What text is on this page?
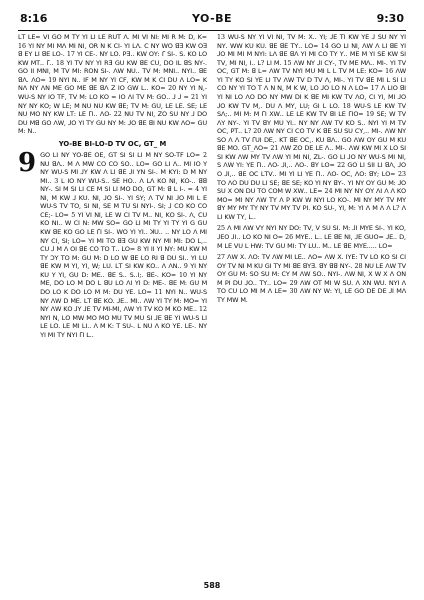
8:16	YO-BE	9:30

ꓡꓔ ꓡꓰ= ꓦꓲ ꓖꓳ ꓟ ꓔꓬ ꓬꓲ ꓡꓲ ꓡꓰ ꓣꓴꓔ ꓥ. ꓟꓲ ꓦꓲ ꓠꓲ: ꓟꓲ ꓣ ꓟ: ꓓ, ꓗ= 16 ꓬꓲ ꓠꓬ ꓟꓲ ꓟꓥ ꓟꓲ ꓠꓲ, ꓳꓣ ꓠ ꓗ ꓚꓲ- ꓬꓲ ꓡꓥ. ꓚ ꓠꓬ ꓪꓳ ꓭꓱ ꓗꓪ ꓳꓱ ꓭ ꓰꓬ ꓡꓲ ꓭꓰ ꓡꓳ-. 17 ꓬꓲ ꓚꓰ-. ꓠꓬ ꓡꓳ. ꓑꓱ.. ꓗꓪ ꓳꓬ: ꓩ ꓢꓲ-. ꓢ. ꓗꓳ ꓡꓳ ꓗꓪ ꓟꓔ.. ꓩ.. 18 ꓬꓲ ꓔꓦ ꓠꓬ ꓬꓲ ꓣꓱ ꓖꓴ ꓗꓪ ꓭꓰ ꓚꓴ, ꓓꓳ ꓲꓡ ꓭꓢ ꓠꓬ-. ꓖꓳ ꓲꓲ ꓟꓠꓲ, ꓟ ꓔꓦ ꓟꓲ: ꓣꓳꓠ ꓢꓲ-. ꓥꓪ ꓠꓴ.. ꓔꓦ ꓟ: ꓟꓠꓲ.. ꓠꓬꓲ.. ꓭꓰ ꓭꓥ. ꓥꓳ= 19 ꓠꓬꓲ ꓠ.. ꓲꓝ ꓟ ꓠꓬ ꓬꓲ ꓚꓝ, ꓗꓪ ꓟ ꓗ ꓚꓲ ꓓꓴ ꓥ ꓡꓳ= ꓗ ꓠꓥ ꓠꓬ ꓥꓠ ꓟꓰ ꓖꓳ ꓟꓰ ꓭꓰ ꓭꓥ ꓜ ꓲꓳ ꓖꓪ ꓡ.. ꓗꓳ= 20 ꓠꓬ ꓬꓲ ꓠ,- ꓪꓴ-ꓢ ꓠꓬ ꓲꓳ ꓔꓝ, ꓔꓦ ꓟ: ꓡꓳ ꓗꓳ = ꓲꓳ ꓥꓲ ꓔꓦ ꓟ: ꓖꓳ.. ꓙ ꓙ = 21 ꓬꓲ ꓠꓬ ꓠꓬ ꓗꓳ; ꓪ ꓡꓰ; ꓟ ꓠꓴ ꓠꓴ ꓗꓪ ꓭꓰ; ꓔꓦ ꓟ: ꓖꓴ, ꓡꓰ ꓡꓰ. ꓢꓰ; ꓡꓰ ꓠꓴ ꓟꓳ ꓠꓬ ꓗꓪ ꓡꓔ: ꓡꓰ ꓩꓲ.. ꓥꓳ- 22 ꓠꓴ ꓔꓦ ꓠꓲ, ꓜꓳ ꓢꓴ ꓠꓬ ꓙ ꓓꓳ ꓓꓴ ꓟꓭ ꓖꓳ ꓥꓪ, ꓙꓳ ꓬꓲ ꓔꓬ ꓖꓴ ꓠꓬ ꓟ: ꓙꓳ ꓭꓰ ꓭꓲ ꓠꓴ ꓗꓪ ꓥꓳ= ꓖꓴ ꓟ: ꓠ..

YO-BE BI-LO-D TV ꓳꓚ, GT_ M
9 ꓖꓳ ꓡꓲ ꓠꓬ ꓬꓳ-ꓭꓰ ꓳꓰ, ꓖꓔ ꓢꓲ ꓢꓲ ꓡꓲ ꓟ ꓠꓬ ꓢꓳ-ꓔꓝ ꓡꓳ= 2 ꓠꓴ ꓭꓥ.. ꓟ ꓥ ꓟꓪ ꓚꓳ ꓚꓳ ꓢꓳ.. ꓡꓳ= ꓖꓳ ꓡꓲ ꓥ.. ꓟꓲ ꓲꓳ ꓬ ꓠꓬ ꓪꓴ-ꓢ ꓟꓲ ꓙꓬ ꓗꓪ ꓥ ꓡꓲ ꓭꓰ ꓙꓲ ꓬꓠ ꓢꓲ-. ꓟ ꓗꓬꓲ: ꓓ ꓟ ꓠꓬ ꓟꓲ.. 3 ꓡ ꓲꓳ ꓠꓬ ꓪꓴ-ꓢ.. ꓢꓰ ꓧꓳ.. ꓥ ꓡꓥ ꓗꓳ ꓠꓲ, ꓗꓳ-.. ꓭꓭ ꓠꓬ-. ꓢꓲ ꓟ ꓢꓲ ꓡꓲ ꓚꓰ ꓟ ꓢꓲ ꓡꓲ ꓟꓳ ꓓꓳ, ꓖꓔ ꓟ: ꓭ ꓡ ꓲ-. = 4 ꓬꓲ ꓠꓲ, ꓟ ꓗꓪ ꓙ ꓗꓴ. ꓠꓲ, ꓙꓳ ꓢꓲ-. ꓬꓲ ꓢꓬ; ꓥ ꓔꓦ ꓠꓲ ꓙꓳ ꓟꓲ ꓡ ꓰ ꓪꓴ-ꓢ ꓔꓦ ꓔꓳ, ꓢꓲ ꓠꓲ, ꓢꓰ ꓟ ꓔꓴ ꓢꓲ ꓠꓬꓲ-. ꓢꓲ; ꓙ ꓚꓳ ꓗꓳ ꓚꓳ ꓚꓰ;- ꓡꓳ= 5 ꓬꓲ ꓦꓲ ꓠꓲ, ꓡꓰ ꓪ ꓚꓲ ꓔꓦ ꓟ.. ꓠꓲ, ꓗꓳ ꓢꓲ-. ꓥ, ꓚꓴ ꓗꓳ ꓠꓲ.. ꓪ ꓚꓲ ꓠ: ꓟꓪ ꓢꓳ= ꓖꓳ ꓡꓲ ꓟꓲ ꓔꓬ ꓬꓲ ꓔꓬ ꓬꓲ ꓖ ꓖꓴ ꓗꓪ ꓭꓰ ꓗꓳ ꓖꓳ ꓡꓰ ꓩꓲ ꓢꓲ-. ꓪꓳ ꓬꓲ ꓬꓲ.. ꓘꓴ.. .. ꓠꓬ ꓡꓳ ꓥ ꓟꓲ ꓠꓬ ꓚꓲ, ꓢꓲ; ꓡꓳ= ꓬꓲ ꓟꓲ ꓔꓳ ꓭꓱ ꓖꓴ ꓗꓪ ꓠꓬ ꓟꓲ ꓟꓲ: ꓓꓳ ꓡ,.. ꓚꓴ ꓙ ꓟ ꓥ ꓳꓲ ꓭꓰ ꓚꓳ ꓔꓳ ꓔ.. ꓡꓳ= 8 ꓬꓲ ꓲꓲ ꓬꓲ ꓠꓬ: ꓟꓴ ꓗꓪ ꓟ ꓔꓬ ꓛꓬ ꓔꓳ ꓟ: ꓖꓴ ꓟ: ꓓ ꓡꓳ ꓪ ꓭꓰ ꓡꓳ ꓣꓲ ꓭ ꓓꓴ ꓢꓲ.. ꓬꓲ ꓡꓴ ꓭꓰ ꓗꓪ ꓟ ꓬꓲ, ꓬꓲ, ꓪ; ꓡꓴ. ꓡꓔ ꓢꓲ ꓗꓪ ꓗꓳ.. ꓥ ꓥꓠ.. 9 ꓬꓲ ꓠꓬ ꓗꓴ ꓬ ꓬꓲ, ꓖꓴ ꓓ: ꓟꓰ.. ꓭꓰ ꓢ.. ꓢ..ꓲ;. ꓭꓰ-. ꓗꓳ= 10 ꓬꓲ ꓠꓬ ꓟꓰ, ꓓꓳ ꓡꓳ ꓟ ꓓꓳ ꓡ ꓭꓴ ꓡꓳ ꓥꓲ ꓬꓲ ꓓ: ꓟꓰ-. ꓭꓰ ꓟ: ꓖꓴ ꓟ ꓓꓳ ꓡꓳ ꓗ ꓓꓳ ꓡꓳ ꓟ ꓟ: ꓓꓴ ꓬꓰ. ꓡꓳ= 11 ꓠꓬꓲ ꓠ.. ꓪꓴ-ꓢ ꓠꓬ ꓥꓪ ꓓ ꓟꓰ. ꓡꓔ ꓭꓰ ꓗꓳ. ꓙꓰ.. ꓟꓲ.. ꓥꓪ ꓬꓲ ꓔꓬ ꓟ: ꓟꓳ= ꓬꓲ ꓠꓬ ꓥꓪ ꓗꓳ ꓙꓬ ꓙꓰ ꓔꓦ ꓟꓲ-ꓟꓲ, ꓥꓪ ꓬꓲ ꓔꓦ ꓗꓳ ꓟ ꓗꓳ ꓟꓰ.. 12 ꓠꓬꓲ ꓠ, ꓡꓳ ꓟꓪ ꓟꓳ ꓟꓳ ꓟꓴ ꓔꓦ ꓟꓴ ꓢꓲ ꓙꓰ ꓭꓰ ꓬꓲ ꓪꓴ-ꓢ ꓡꓲ ꓡꓰ ꓡꓳ. ꓡꓰ ꓟꓲ ꓡꓲ.. ꓥ ꓟ ꓗ: ꓔ ꓢꓴ-. ꓡ ꓠꓴ ꓥ ꓗꓳ ꓬꓰ. ꓡꓰ-. ꓠꓬ ꓬꓲ ꓟꓲ ꓔꓬ ꓠꓬꓲ ꓩꓲ ꓡ..

13 ꓪꓴ-ꓢ ꓠꓬ ꓬꓲ ꓦꓲ ꓠꓲ, ꓔꓦ ꓟ: ꓫ.. ꓬꓲ; ꓙꓰ ꓔꓲ ꓗꓪ ꓬꓰ ꓙ ꓢꓴ ꓠꓬ ꓬꓲ ꓠꓬ. ꓪꓪ ꓗꓴ ꓗꓴ. ꓭꓰ ꓭꓰ ꓔꓬ.. ꓡꓳ= 14 ꓖꓳ ꓡꓲ ꓠꓲ, ꓥꓪ ꓥ ꓡꓲ ꓭꓰ ꓬꓲ ꓙꓳ ꓟꓲ ꓟꓲ ꓟ ꓠꓬꓲ: ꓡꓥ ꓭꓰ ꓭꓥ ꓬꓲ ꓟꓲ ꓚꓳ ꓔꓬ ꓬ.. ꓟꓰ ꓟ ꓬꓲ ꓢꓰ ꓗꓪ ꓢꓲ ꓔꓦ, ꓟꓲ ꓠꓲ, ꓲ.. ꓡ? ꓡꓲ ꓟ. 15 ꓥꓪ ꓠꓬ ꓙꓲ ꓚꓬ-, ꓔꓦ ꓟꓰ ꓟꓥ.. ꓟꓲ-. ꓬꓲ ꓔꓦ ꓳꓚ, ꓖꓔ ꓟ: ꓭ ꓡ= ꓥꓪ ꓔꓦ ꓠꓬꓲ ꓟꓴ ꓟꓲ ꓡ ꓡ ꓔꓦ ꓟ ꓡꓰ: ꓗꓳ= 16 ꓥꓪ ꓬꓲ ꓔꓬ ꓗꓳ ꓢꓲ ꓬꓰ ꓡꓲ ꓔꓦ ꓥꓪ ꓔꓦ ꓓ ꓔꓦ ꓥ, ꓟꓲ-. ꓬꓲ ꓔꓦ ꓭꓰ ꓟꓲ ꓡ ꓢꓲ ꓡꓲ ꓚꓳ ꓠꓬ ꓬꓲ ꓔꓳ ꓔ ꓥ ꓠ ꓠ, ꓟ ꓗ ꓪ, ꓡꓳ ꓙꓳ ꓡꓳ ꓠ ꓥ ꓡꓳ= 17 ꓥ ꓡꓲꓳ ꓭꓲ ꓬꓲ ꓠꓲ ꓡꓳ ꓥꓳ ꓓꓳ ꓠꓬ ꓟꓪ ꓓꓲ ꓗ ꓭꓰ ꓟꓲ ꓗꓪ ꓔꓦ ꓥꓳ, ꓚꓲ ꓬꓲ, ꓟꓲ ꓙꓳ ꓙꓳ ꓗꓪ ꓔꓦ ꓟ,. ꓓꓴ ꓥ ꓟꓬ, ꓡꓴ; ꓖꓲ ꓡ ꓡꓳ. 18 ꓪꓴ-ꓢ ꓡꓰ ꓗꓪ ꓔꓦ ꓢꓥ;.. ꓟꓲ ꓟ: ꓟ ꓩꓲ ꓫꓪ.. ꓡꓰ ꓡꓰ ꓗꓪ ꓔꓦ ꓭꓲ ꓡꓰ ꓩꓲꓳ= 19 ꓢꓰ; ꓪ ꓔꓦ ꓥꓬ ꓠꓬ-. ꓬꓲ ꓔꓦ ꓭꓬ ꓟꓴ ꓬꓲ.. ꓠꓬ ꓠꓬ ꓥꓪ ꓔꓦ ꓗꓳ ꓢ.. ꓠꓬꓲ ꓬꓲ ꓟ ꓔꓦ ꓳꓚ, ꓑꓔ.. ꓡ? 20 ꓥꓪ ꓠꓬ ꓚꓲ ꓚꓳ ꓔꓦ ꓗ ꓭꓰ ꓢꓴ ꓢꓴ ꓚꓬ,.. ꓟꓲ-. ꓥꓪ ꓠꓬ ꓢꓳ ꓥ ꓥ ꓔꓦ ꓩꓴꓲ ꓓꓰ,. ꓗꓔ ꓭꓰ ꓳꓚ,. ꓗꓴ ꓭꓥ.. ꓖꓳ ꓥꓪ ꓳꓬ ꓖꓴ ꓟ ꓗꓴ ꓭꓰ ꓟꓳ. ꓖꓔ_ꓥꓳ= 21 ꓥꓪ ꓜꓳ ꓓꓰ ꓡꓰ ꓥ.. ꓟꓲ-. ꓥꓪ ꓗꓪ ꓟꓲ ꓫ ꓡꓳ ꓢꓲ ꓢꓲ ꓗꓪ ꓥꓪ ꓟꓬ ꓔꓦ ꓥꓪ ꓬꓲ ꓟꓲ ꓠꓲ, ꓜꓡ-. ꓖꓳ ꓡꓲ ꓙꓳ ꓠꓬ ꓪꓴ-ꓢ ꓟꓲ ꓠꓲ, ꓢ ꓥꓪ ꓬꓲ: ꓬꓰ ꓩꓲ.. ꓥꓳ- ꓙꓲ,.. ꓥꓳ-. ꓭꓬ ꓡꓳ= 22 ꓖꓳ ꓡꓲ ꓢꓲꓲ ꓡꓲ ꓭꓥ, ꓙꓳ ꓳ ꓙꓲ,.. ꓭꓰ ꓳꓚ ꓡꓔꓦ.. ꓟꓲ ꓬꓲ ꓡꓲ ꓬꓰ ꓩꓲ.. ꓥꓳ- ꓳꓚ, ꓥꓳ: ꓭꓬ; ꓡꓳ= 23 ꓔꓳ ꓥꓳ ꓓꓴ ꓓꓴ ꓡꓲ ꓢꓰ; ꓭꓰ ꓢꓰ; ꓗꓳ ꓬꓲ ꓠꓬ ꓭꓬ-. ꓬꓲ ꓠꓬ ꓳꓬ ꓖꓴ ꓟ: ꓙꓳ ꓢꓴ ꓫ ꓳꓠ ꓓꓴ ꓔꓳ ꓚꓳꓟ ꓪ ꓫꓪ.. ꓡꓰ= 24 ꓟꓲ ꓠꓬ ꓠꓬ ꓳꓬ ꓥꓲ ꓥ ꓥ ꓗꓳ ꓟꓳ= ꓟꓲ ꓠꓬ ꓥꓪ ꓔꓬ ꓥ ꓑ ꓗꓪ ꓪ ꓠꓬꓲ ꓡꓳ ꓗꓳ-. ꓟꓲ ꓠꓬ ꓟꓬ ꓔꓦ ꓟꓬ ꓭꓬ ꓟꓬ ꓟꓬ ꓔꓬ ꓠꓬ ꓔꓦ ꓟꓬ ꓔꓦ ꓑꓲ. ꓗꓳ ꓢꓴ-, ꓬꓲ, ꓟ: ꓬꓲ ꓥ ꓟ ꓥ ꓥ ꓡ? ꓥ ꓡꓲ ꓗꓪ ꓔꓬ, ꓡ..

25 ꓥ ꓟꓲ ꓥꓪ ꓦꓬ ꓠꓬꓲ ꓠꓬ ꓓꓳ: ꓔꓦ, ꓦ ꓢꓴ ꓢꓲ. ꓟ: ꓙꓲ ꓟꓬꓰ ꓢꓲ-. ꓬꓲ ꓗꓳ, ꓙꓰꓳ ꓙꓲ.. ꓡꓳ ꓗꓳ ꓠꓲ ꓳ= 26 ꓟꓬꓰ.. ꓡ.. ꓡꓰ ꓭꓰ ꓠꓲ, ꓙꓰ ꓖꓴꓳ= ꓙꓰ.. ꓓ, ꓟ ꓡꓰ ꓦꓴ ꓡ ꓧꓪ: ꓔꓦ ꓖꓴ ꓟꓲ: ꓔꓬ ꓡꓴ.. ꓟ.. ꓡꓰ ꓭꓰ ꓟꓬꓰ..... ꓡꓳ=

27 ꓥꓪ ꓫ. ꓥꓳ: ꓔꓦ ꓥꓪ ꓟꓲ ꓡꓰ.. ꓥꓳ= ꓥꓪ ꓫ. ꓲꓬꓰ: ꓔꓦ ꓡꓳ ꓗꓳ ꓢꓲ ꓚꓲ ꓳꓬ ꓔꓦ ꓠꓲ ꓟ ꓗꓴ ꓖꓲ ꓔꓬ ꓟꓲ ꓭꓰ ꓭꓬꓱ. ꓭꓬ ꓭꓭ ꓠꓬ-. 28 ꓠꓴ ꓡꓰ ꓥꓪ ꓔꓦ ꓳꓬ ꓖꓴ ꓟ: ꓢꓳ ꓢꓴ ꓟ: ꓚꓬ ꓟ ꓥꓪ ꓢꓳ.. ꓠꓬꓲ-. ꓥꓪ ꓠꓲ, ꓫ ꓪ ꓫ ꓥ ꓳꓠ ꓟ ꓑꓲ ꓓꓴ ꓙꓳ.. ꓔꓬ.. ꓡꓳ= 29 ꓥꓪ ꓳꓔ ꓟꓲ ꓪ ꓢꓴ. ꓥ ꓫꓠ ꓪꓴ. ꓠꓬꓲ ꓥ ꓔꓳ ꓚꓴ ꓡꓳ ꓟꓲ ꓟ ꓥ ꓡꓰ= 30 ꓥꓪ ꓠꓬ ꓪ: ꓬꓲ, ꓡꓰ ꓖꓳ ꓓꓰ ꓓꓰ ꓙꓲ ꓟꓥ ꓔꓬ ꓟꓪ ꓟ.

588
